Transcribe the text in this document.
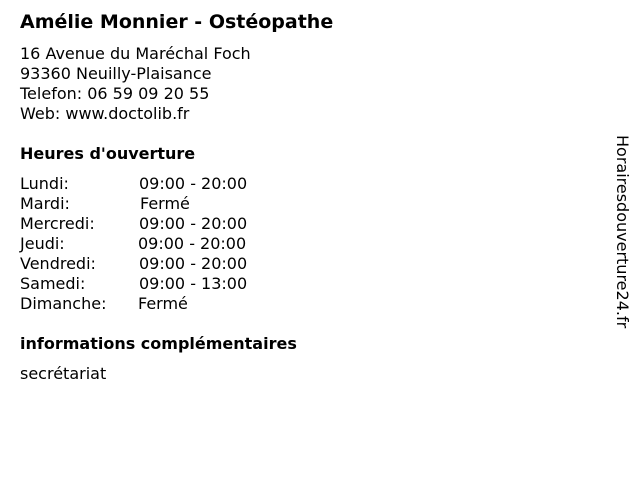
Amélie Monnier - Ostéopathe
16 Avenue du Maréchal Foch
93360 Neuilly-Plaisance
Telefon: 06 59 09 20 55
Web: www.doctolib.fr
Heures d'ouverture
Lundi:	09:00 - 20:00
Mardi:	Fermé
Mercredi:	09:00 - 20:00
Jeudi:	09:00 - 20:00
Vendredi:	09:00 - 20:00
Samedi:	09:00 - 13:00
Dimanche: Fermé
informations complémentaires
secrétariat
Horairesdouverture24.fr
